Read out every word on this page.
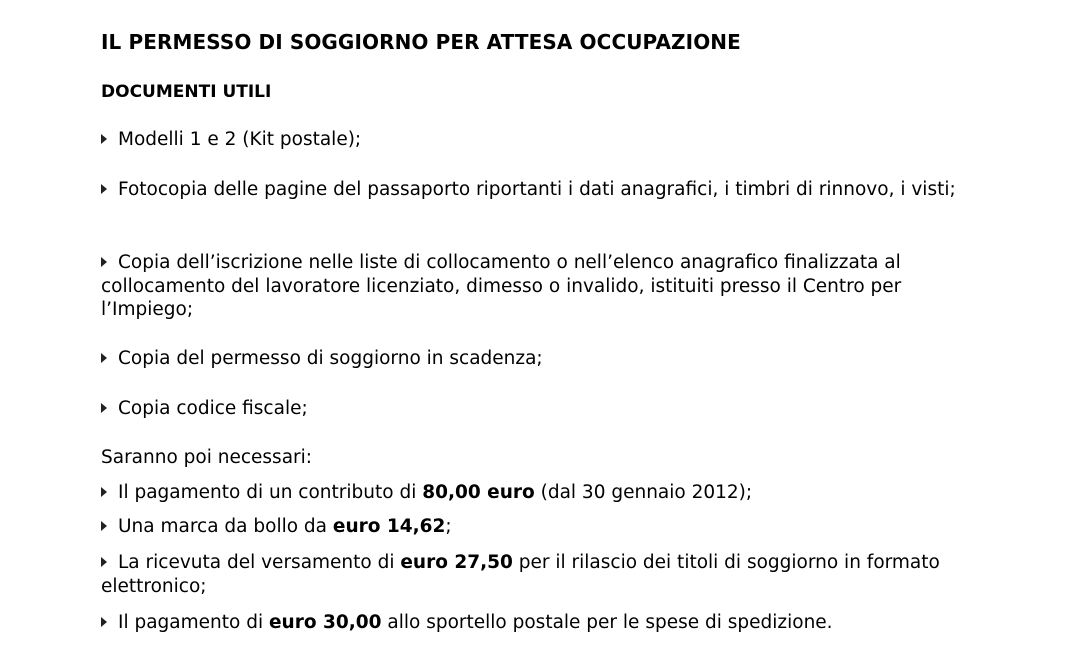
IL PERMESSO DI SOGGIORNO PER ATTESA OCCUPAZIONE
DOCUMENTI UTILI

Modelli 1 e 2 (Kit postale);

Fotocopia delle pagine del passaporto riportanti i dati anagrafici, i timbri di rinnovo, i visti;

Copia dell’iscrizione nelle liste di collocamento o nell’elenco anagrafico finalizzata al collocamento del lavoratore licenziato, dimesso o invalido, istituiti presso il Centro per l’Impiego;

Copia del permesso di soggiorno in scadenza;

Copia codice fiscale;

Saranno poi necessari:

Il pagamento di un contributo di 80,00 euro (dal 30 gennaio 2012);

Una marca da bollo da euro 14,62;

La ricevuta del versamento di euro 27,50 per il rilascio dei titoli di soggiorno in formato elettronico;

Il pagamento di euro 30,00 allo sportello postale per le spese di spedizione.
